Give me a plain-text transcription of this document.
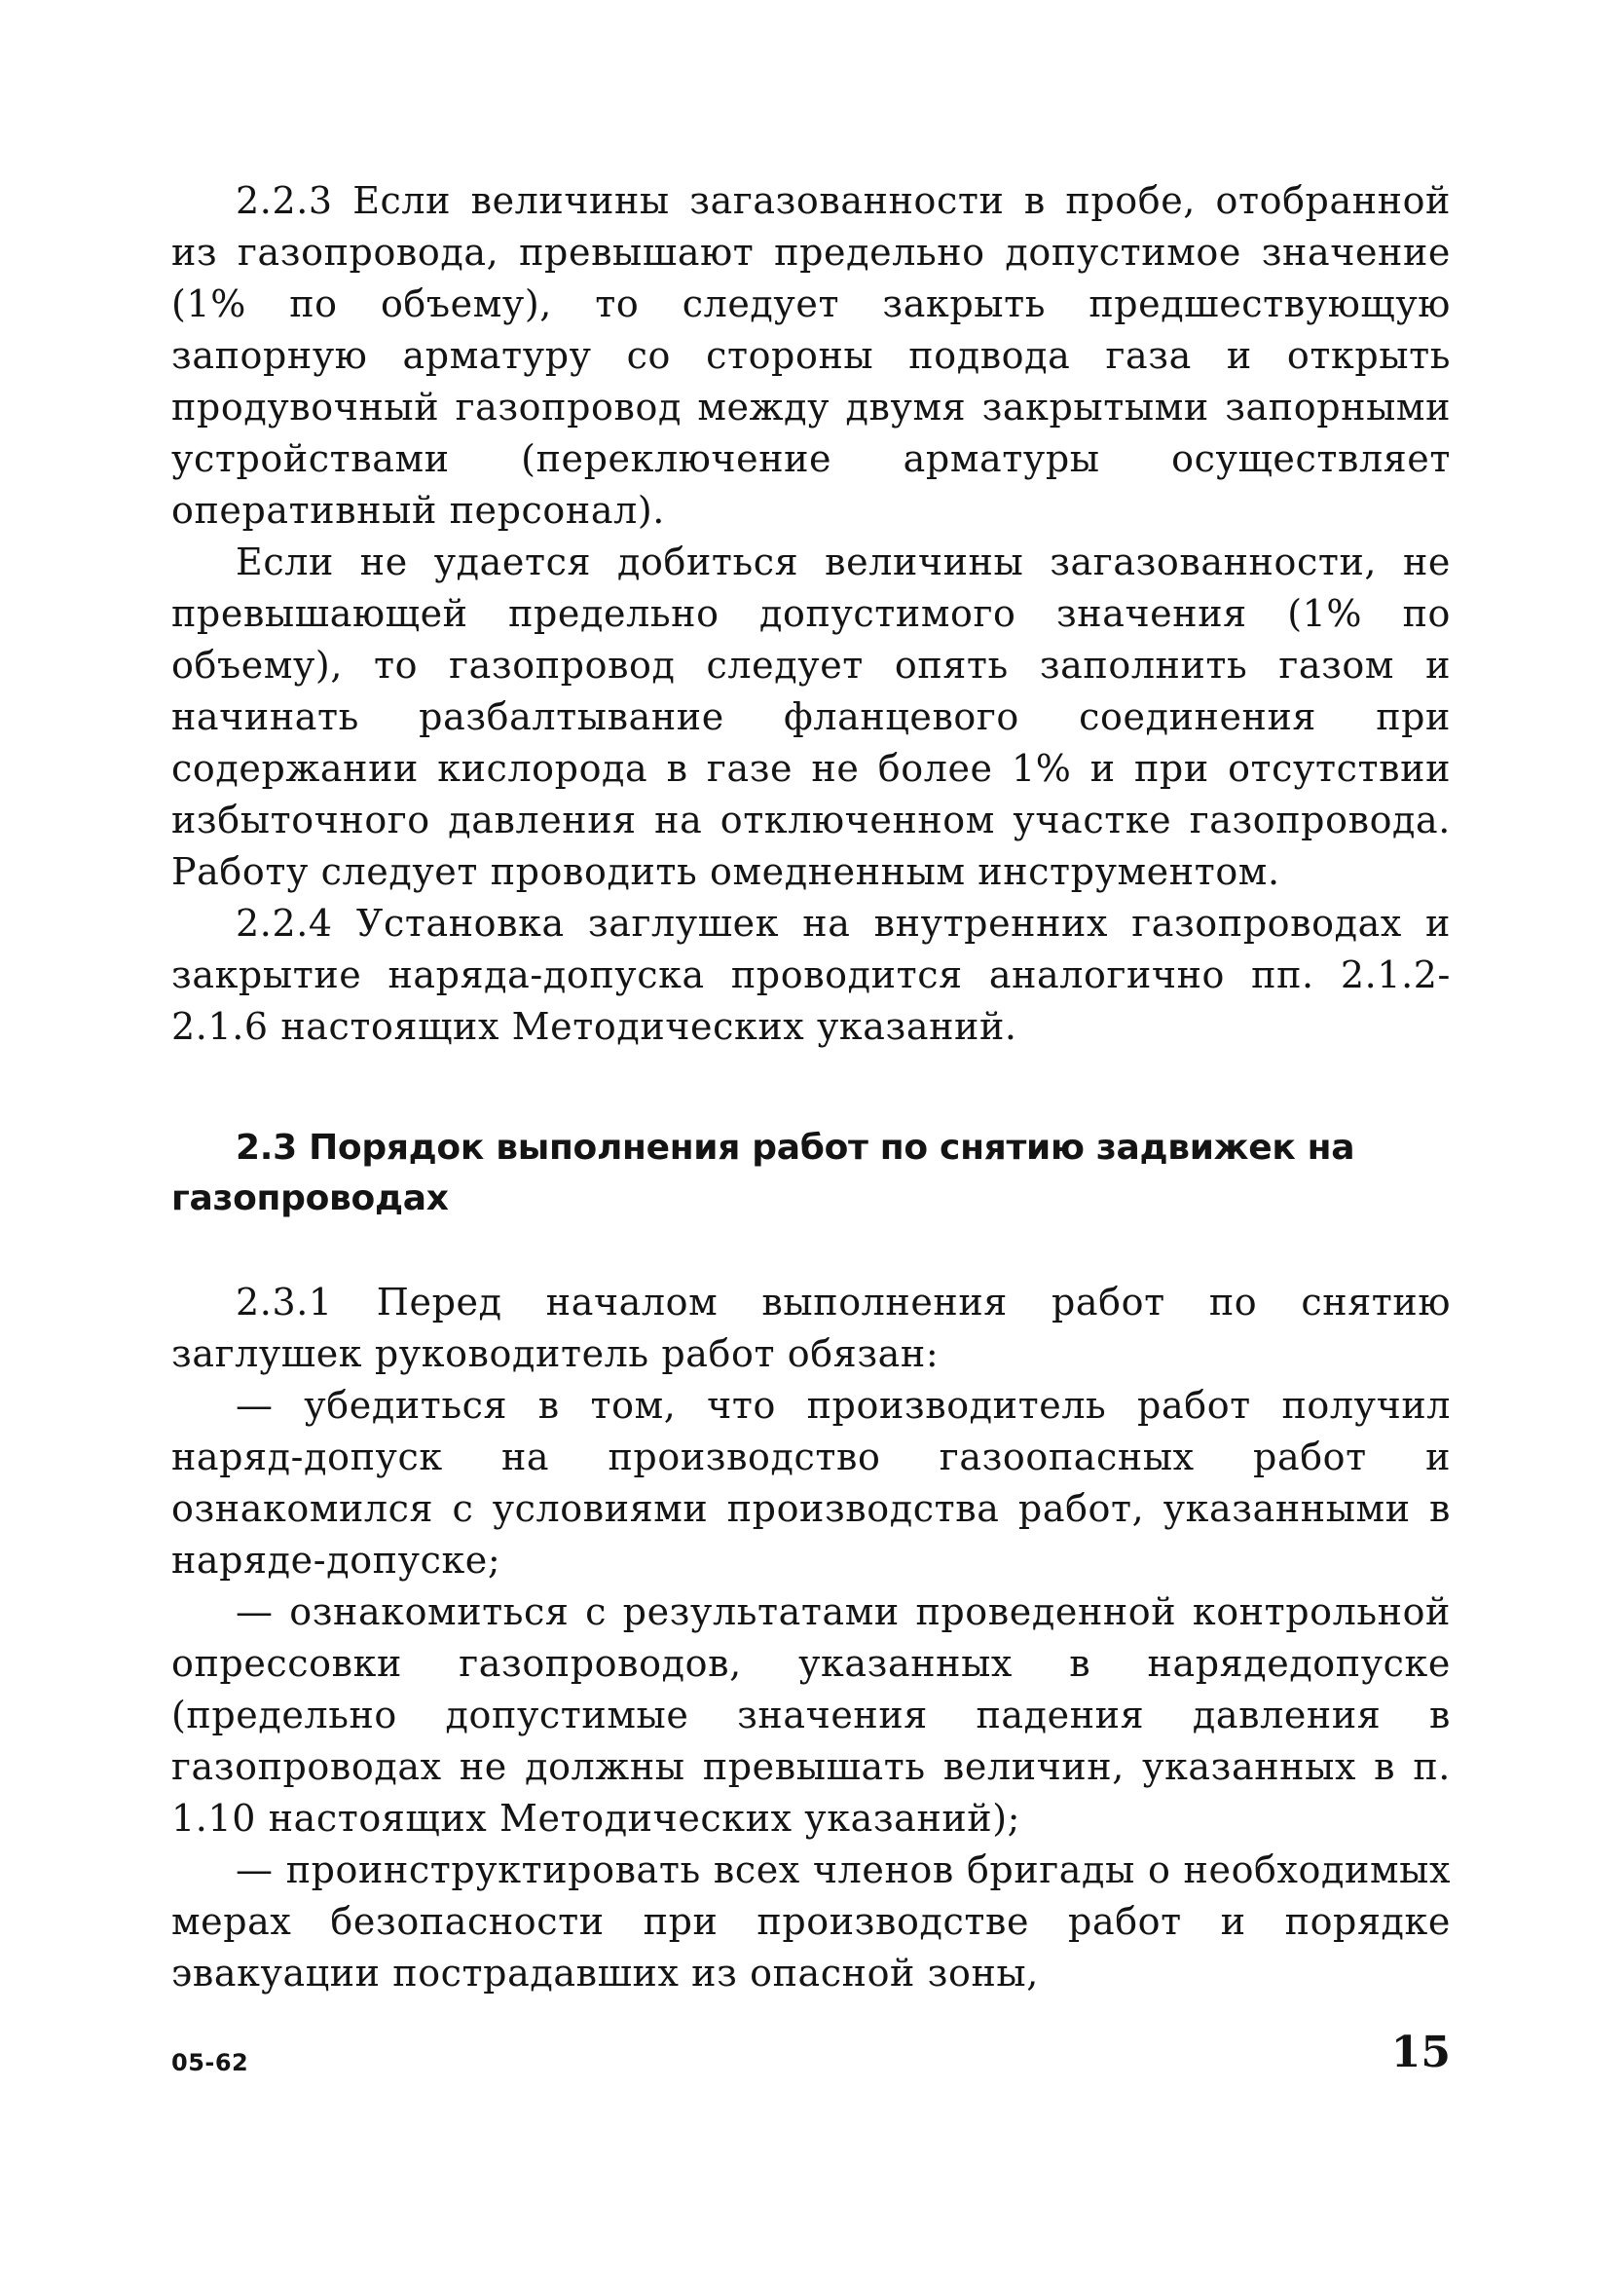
2.2.3 Если величины загазованности в пробе, отобранной из газопровода, превышают предельно допустимое значение (1% по объему), то следует закрыть предшествующую запорную арматуру со стороны подвода газа и открыть продувочный газопровод между двумя закрытыми запорными устройствами (переключение арматуры осуществляет оперативный персонал).

Если не удается добиться величины загазованности, не превышающей предельно допустимого значения (1% по объему), то газопровод следует опять заполнить газом и начинать разбалтывание фланцевого соединения при содержании кислорода в газе не более 1% и при отсутствии избыточного давления на отключенном участке газопровода. Работу следует проводить омедненным инструментом.

2.2.4 Установка заглушек на внутренних газопроводах и закрытие наряда-допуска проводится аналогично пп. 2.1.2-2.1.6 настоящих Методических указаний.

2.3 Порядок выполнения работ по снятию задвижек на газопроводах

2.3.1 Перед началом выполнения работ по снятию заглушек руководитель работ обязан:

— убедиться в том, что производитель работ получил наряд-допуск на производство газоопасных работ и ознакомился с условиями производства работ, указанными в наряде-допуске;

— ознакомиться с результатами проведенной контрольной опрессовки газопроводов, указанных в нарядедопуске (предельно допустимые значения падения давления в газопроводах не должны превышать величин, указанных в п. 1.10 настоящих Методических указаний);

— проинструктировать всех членов бригады о необходимых мерах безопасности при производстве работ и порядке эвакуации пострадавших из опасной зоны,

05-62	15
